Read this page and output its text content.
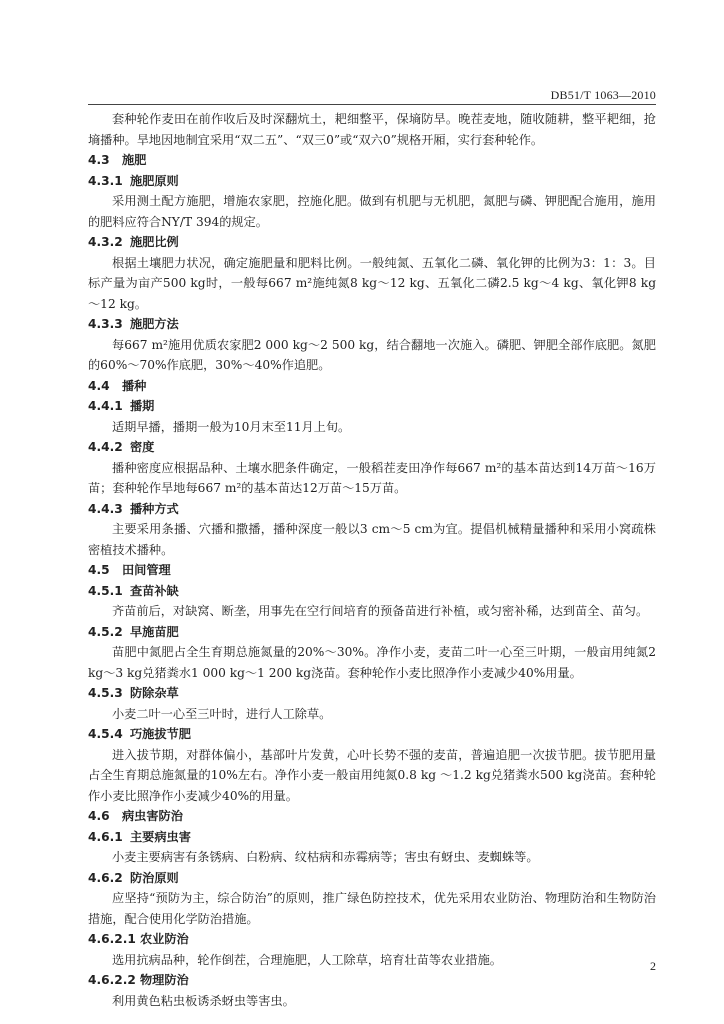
DB51/T 1063—2010

套种轮作麦田在前作收后及时深翻炕土，耙细整平，保墒防旱。晚茬麦地，随收随耕，整平耙细，抢墒播种。旱地因地制宜采用“双二五”、“双三0”或“双六0”规格开厢，实行套种轮作。

4.3 施肥
4.3.1 施肥原则

采用测土配方施肥，增施农家肥，控施化肥。做到有机肥与无机肥，氮肥与磷、钾肥配合施用，施用的肥料应符合NY/T 394的规定。

4.3.2 施肥比例

根据土壤肥力状况，确定施肥量和肥料比例。一般纯氮、五氧化二磷、氧化钾的比例为3：1：3。目标产量为亩产500 kg时，一般每667 m²施纯氮8 kg～12 kg、五氧化二磷2.5 kg～4 kg、氧化钾8 kg～12 kg。

4.3.3 施肥方法

每667 m²施用优质农家肥2 000 kg～2 500 kg，结合翻地一次施入。磷肥、钾肥全部作底肥。氮肥的60%～70%作底肥，30%～40%作追肥。

4.4 播种
4.4.1 播期

适期早播，播期一般为10月末至11月上旬。

4.4.2 密度

播种密度应根据品种、土壤水肥条件确定，一般稻茬麦田净作每667 m²的基本苗达到14万苗～16万苗；套种轮作旱地每667 m²的基本苗达12万苗～15万苗。

4.4.3 播种方式

主要采用条播、穴播和撒播，播种深度一般以3 cm～5 cm为宜。提倡机械精量播种和采用小窝疏株密植技术播种。

4.5 田间管理
4.5.1 查苗补缺

齐苗前后，对缺窝、断垄，用事先在空行间培育的预备苗进行补植，或匀密补稀，达到苗全、苗匀。

4.5.2 早施苗肥

苗肥中氮肥占全生育期总施氮量的20%～30%。净作小麦，麦苗二叶一心至三叶期，一般亩用纯氮2 kg～3 kg兑猪粪水1 000 kg～1 200 kg浇苗。套种轮作小麦比照净作小麦减少40%用量。

4.5.3 防除杂草

小麦二叶一心至三叶时，进行人工除草。

4.5.4 巧施拔节肥

进入拔节期，对群体偏小，基部叶片发黄，心叶长势不强的麦苗，普遍追肥一次拔节肥。拔节肥用量占全生育期总施氮量的10%左右。净作小麦一般亩用纯氮0.8 kg ～1.2 kg兑猪粪水500 kg浇苗。套种轮作小麦比照净作小麦减少40%的用量。

4.6 病虫害防治
4.6.1 主要病虫害

小麦主要病害有条锈病、白粉病、纹枯病和赤霉病等；害虫有蚜虫、麦蜘蛛等。

4.6.2 防治原则

应坚持“预防为主，综合防治”的原则，推广绿色防控技术，优先采用农业防治、物理防治和生物防治措施，配合使用化学防治措施。

4.6.2.1 农业防治

选用抗病品种，轮作倒茬，合理施肥，人工除草，培育壮苗等农业措施。

4.6.2.2 物理防治

利用黄色粘虫板诱杀蚜虫等害虫。

2
